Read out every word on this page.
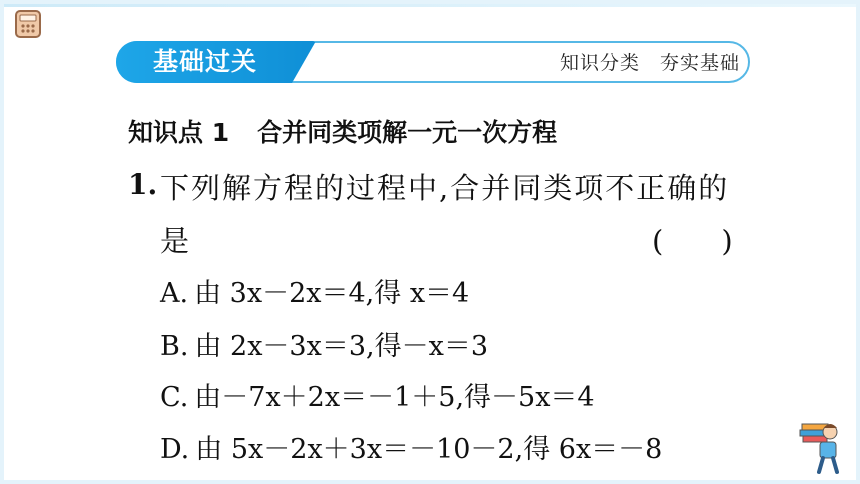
基础过关	知识分类　夯实基础
知识点 1 合并同类项解一元一次方程
1. 下列解方程的过程中,合并同类项不正确的
是	(　　)
A. 由 3x－2x＝4,得 x＝4
B. 由 2x－3x＝3,得－x＝3
C. 由－7x＋2x＝－1＋5,得－5x＝4
D. 由 5x－2x＋3x＝－10－2,得 6x＝－8
